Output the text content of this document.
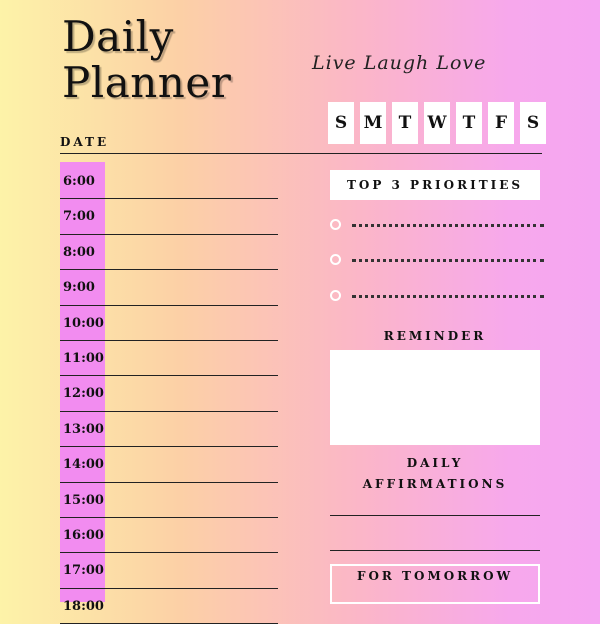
Daily
Planner	Live Laugh Love
S M T W T	F	S
DATE
6:00
7:00
8:00
9:00
10:00
11:00
12:00
13:00
14:00
15:00
16:00
17:00
18:00
TOP 3 PRIORITIES
REMINDER
DAILY
AFFIRMATIONS
FOR TOMORROW
